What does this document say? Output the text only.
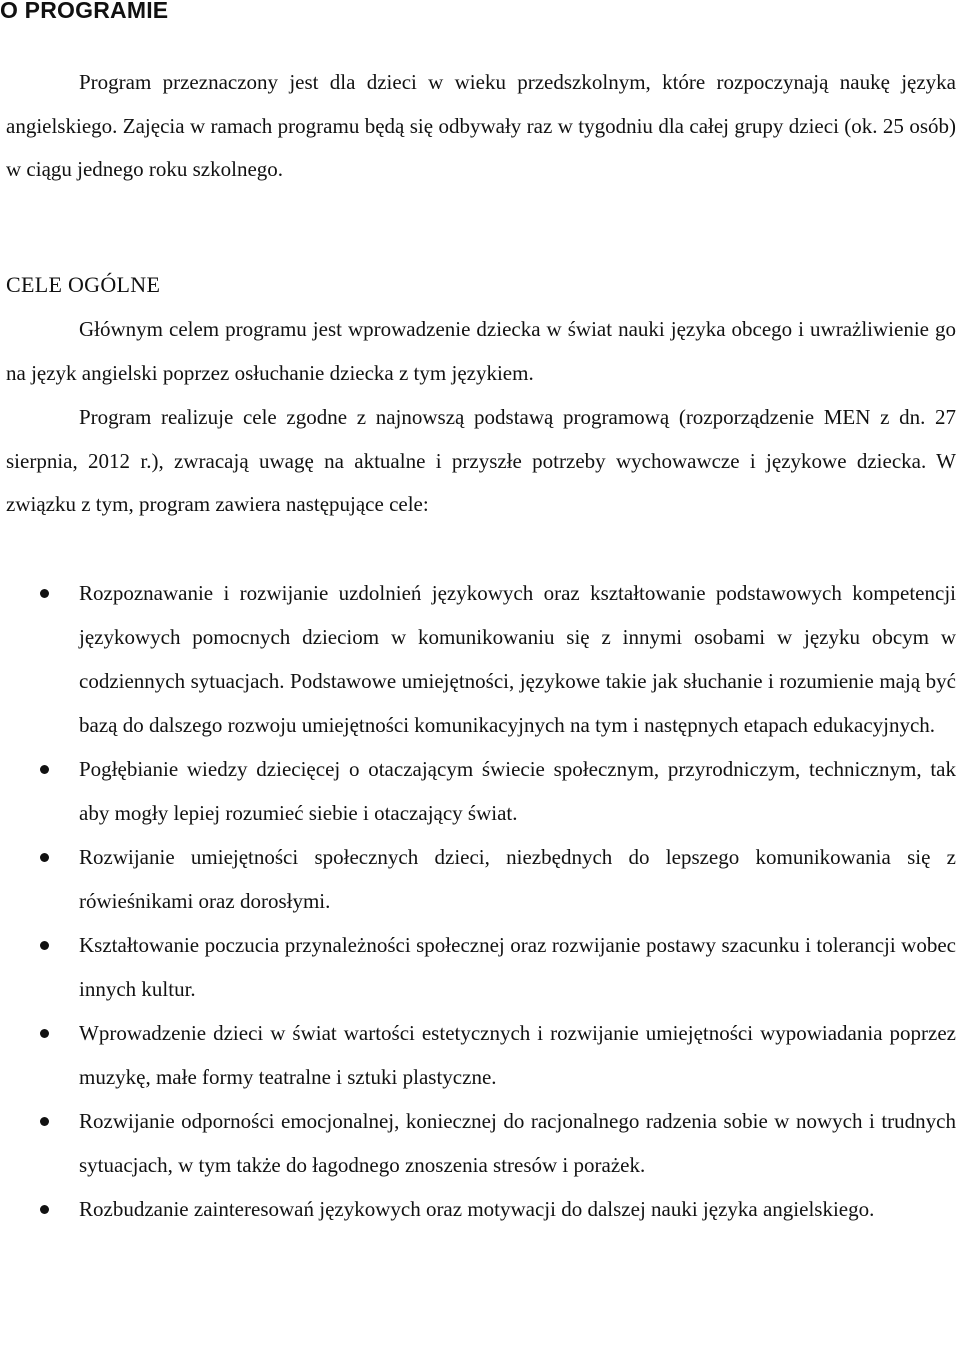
O PROGRAMIE

Program przeznaczony jest dla dzieci w wieku przedszkolnym, które rozpoczynają naukę języka angielskiego. Zajęcia w ramach programu będą się odbywały raz w tygodniu dla całej grupy dzieci (ok. 25 osób) w ciągu jednego roku szkolnego.

CELE OGÓLNE

Głównym celem programu jest wprowadzenie dziecka w świat nauki języka obcego i uwrażliwienie go na język angielski poprzez osłuchanie dziecka z tym językiem.

Program realizuje cele zgodne z najnowszą podstawą programową (rozporządzenie MEN z dn. 27 sierpnia, 2012 r.), zwracają uwagę na aktualne i przyszłe potrzeby wychowawcze i językowe dziecka. W związku z tym, program zawiera następujące cele:

Rozpoznawanie i rozwijanie uzdolnień językowych oraz kształtowanie podstawowych kompetencji językowych pomocnych dzieciom w komunikowaniu się z innymi osobami w języku obcym w codziennych sytuacjach. Podstawowe umiejętności, językowe takie jak słuchanie i rozumienie mają być bazą do dalszego rozwoju umiejętności komunikacyjnych na tym i następnych etapach edukacyjnych.
Pogłębianie wiedzy dziecięcej o otaczającym świecie społecznym, przyrodniczym, technicznym, tak aby mogły lepiej rozumieć siebie i otaczający świat.
Rozwijanie umiejętności społecznych dzieci, niezbędnych do lepszego komunikowania się z rówieśnikami oraz dorosłymi.
Kształtowanie poczucia przynależności społecznej oraz rozwijanie postawy szacunku i tolerancji wobec innych kultur.
Wprowadzenie dzieci w świat wartości estetycznych i rozwijanie umiejętności wypowiadania poprzez muzykę, małe formy teatralne i sztuki plastyczne.
Rozwijanie odporności emocjonalnej, koniecznej do racjonalnego radzenia sobie w nowych i trudnych sytuacjach, w tym także do łagodnego znoszenia stresów i porażek.
Rozbudzanie zainteresowań językowych oraz motywacji do dalszej nauki języka angielskiego.
